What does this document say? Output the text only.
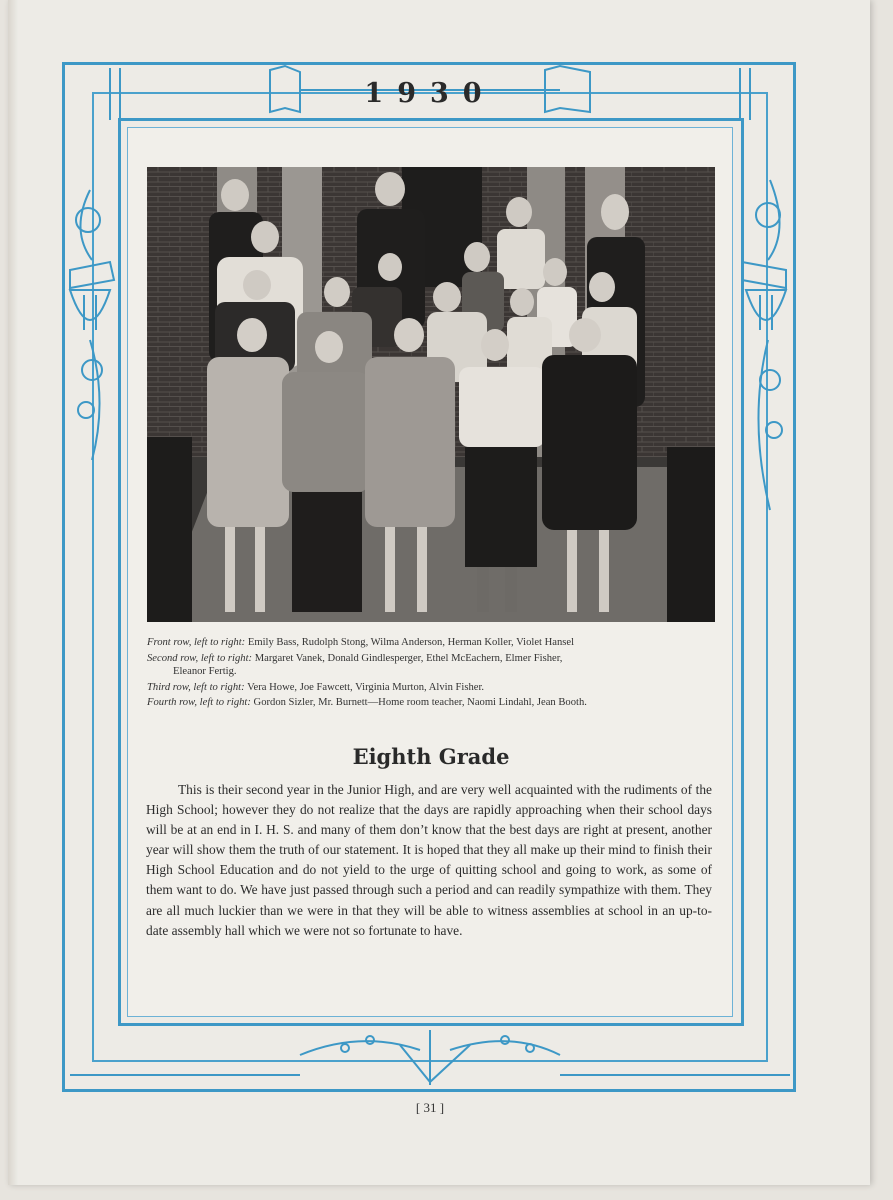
1930
Front row, left to right: Emily Bass, Rudolph Stong, Wilma Anderson, Herman Koller, Violet Hansel
Second row, left to right: Margaret Vanek, Donald Gindlesperger, Ethel McEachern, Elmer Fisher,
Eleanor Fertig.
Third row, left to right: Vera Howe, Joe Fawcett, Virginia Murton, Alvin Fisher.
Fourth row, left to right: Gordon Sizler, Mr. Burnett—Home room teacher, Naomi Lindahl, Jean Booth.
Eighth Grade

This is their second year in the Junior High, and are very well acquainted with the rudiments of the High School; however they do not realize that the days are rapidly approaching when their school days will be at an end in I. H. S. and many of them don’t know that the best days are right at present, another year will show them the truth of our statement. It is hoped that they all make up their mind to finish their High School Education and do not yield to the urge of quitting school and going to work, as some of them want to do. We have just passed through such a period and can readily sympathize with them. They are all much luckier than we were in that they will be able to witness assemblies at school in an up-to-date assembly hall which we were not so fortunate to have.

[ 31 ]
